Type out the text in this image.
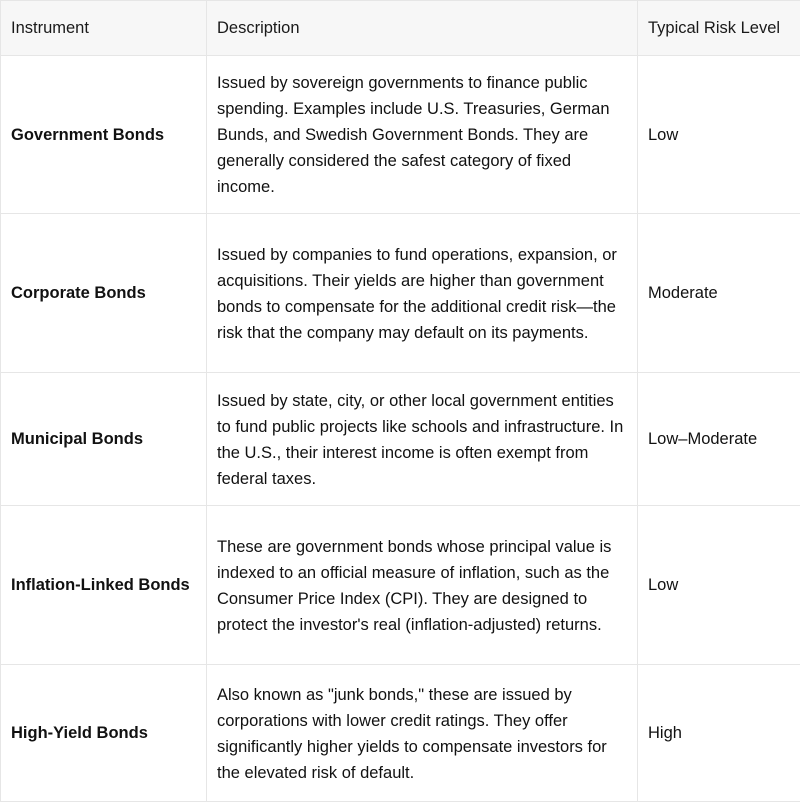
Instrument	Description	Typical Risk Level
Government Bonds	Issued by sovereign governments to finance public spending. Examples include U.S. Treasuries, German Bunds, and Swedish Government Bonds. They are generally considered the safest category of fixed income.	Low
Corporate Bonds	Issued by companies to fund operations, expansion, or acquisitions. Their yields are higher than government bonds to compensate for the additional credit risk—the risk that the company may default on its payments.	Moderate
Municipal Bonds	Issued by state, city, or other local government entities to fund public projects like schools and infrastructure. In the U.S., their interest income is often exempt from federal taxes.	Low–Moderate
Inflation-Linked Bonds	These are government bonds whose principal value is indexed to an official measure of inflation, such as the Consumer Price Index (CPI). They are designed to protect the investor's real (inflation-adjusted) returns.	Low
High-Yield Bonds	Also known as "junk bonds," these are issued by corporations with lower credit ratings. They offer significantly higher yields to compensate investors for the elevated risk of default.	High
